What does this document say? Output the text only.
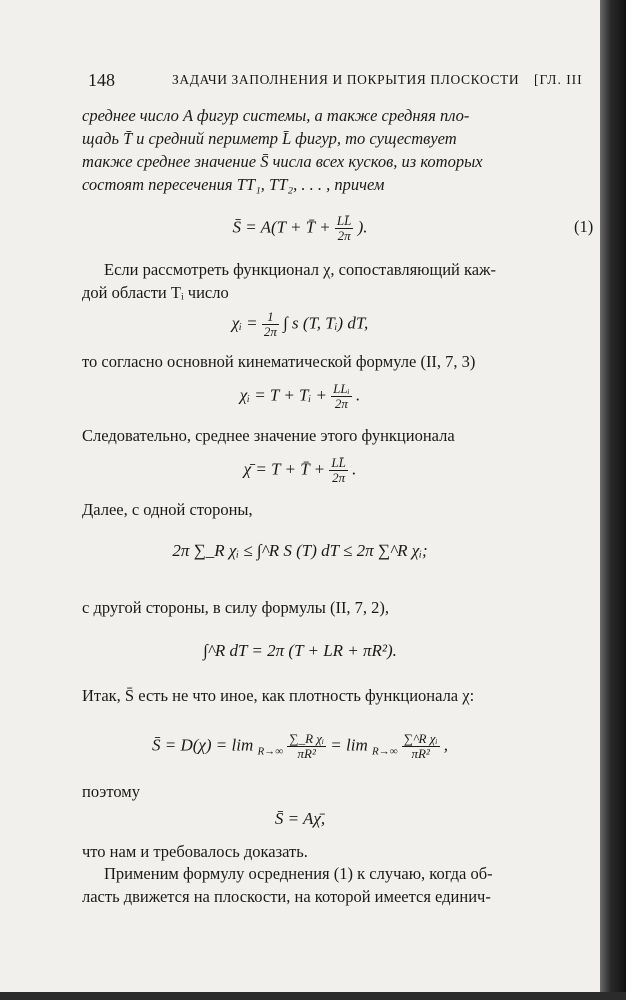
148	ЗАДАЧИ ЗАПОЛНЕНИЯ И ПОКРЫТИЯ ПЛОСКОСТИ [ГЛ. III
среднее число A фигур системы, а также средняя пло-
щадь T̄ и средний периметр L̄ фигур, то существует
также среднее значение S̄ числа всех кусков, из которых
состоят пересечения TT₁, TT₂, . . . , причем
S̄ = A(T + T̄ + $\frac{LL̄}{2\pi}$ ).	(1)
Если рассмотреть функционал χ, сопоставляющий каж-
дой области Tᵢ число
χᵢ = $\frac{1}{2\pi}$ ∫ s (T, Tᵢ) dT,
то согласно основной кинематической формуле (II, 7, 3)
χᵢ = T + Tᵢ + $\frac{\text{LLᵢ}}{2\pi}$ .
Следовательно, среднее значение этого функционала
χ̄ = T + T̄ + $\frac{LL̄}{2\pi}$ .
Далее, с одной стороны,
2π ∑_R χᵢ ≤ ∫^R S (T) dT ≤ 2π ∑^R χᵢ;
с другой стороны, в силу формулы (II, 7, 2),
∫^R dT = 2π (T + LR + πR²).
Итак, S̄ есть не что иное, как плотность функционала χ:
S̄ = $D(\chi) = \lim _{R\to\infty} \frac{\text{∑\_R χᵢ}}{\text{πR²}} = \lim _{R\to\infty} \frac{\text{∑\textasciicircum{}R χᵢ}}{\text{πR²}}$ ,
поэтому
S̄ = Aχ̄,
что нам и требовалось доказать.
Применим формулу осреднения (1) к случаю, когда об-
ласть движется на плоскости, на которой имеется единич-
